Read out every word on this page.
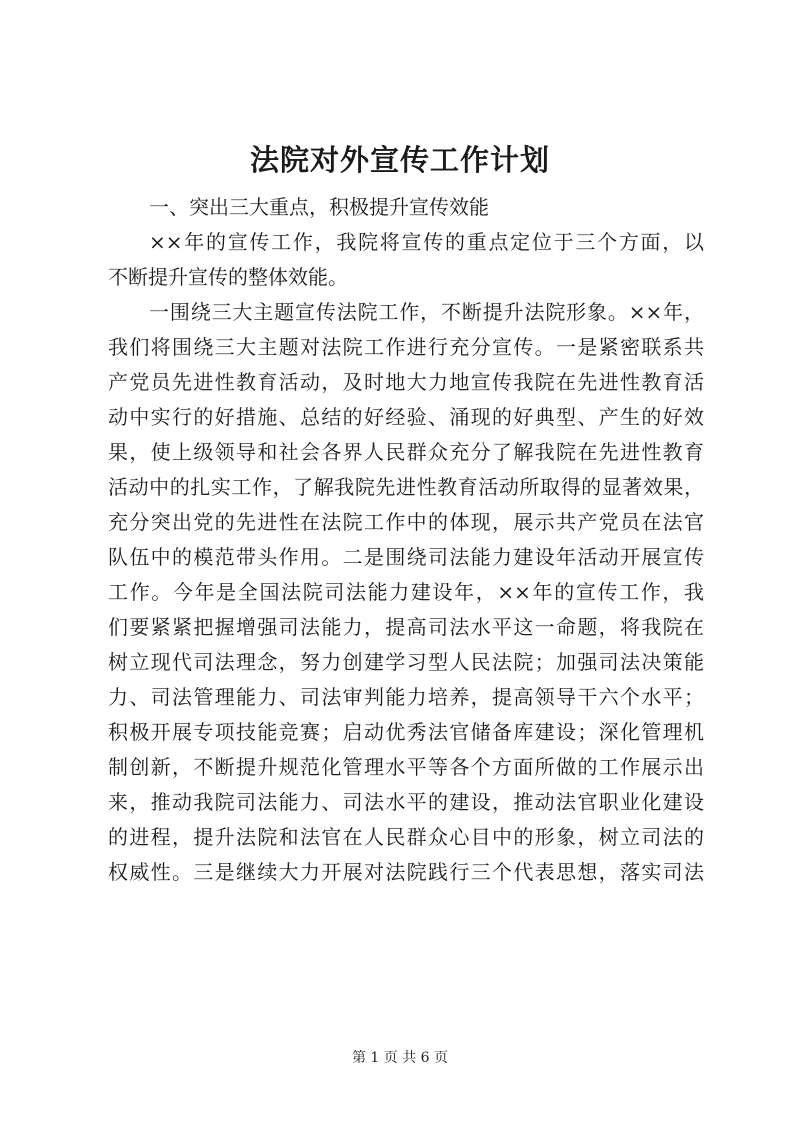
法院对外宣传工作计划
一、突出三大重点，积极提升宣传效能
××年的宣传工作，我院将宣传的重点定位于三个方面，以
不断提升宣传的整体效能。
一围绕三大主题宣传法院工作，不断提升法院形象。××年，
我们将围绕三大主题对法院工作进行充分宣传。一是紧密联系共
产党员先进性教育活动，及时地大力地宣传我院在先进性教育活
动中实行的好措施、总结的好经验、涌现的好典型、产生的好效
果，使上级领导和社会各界人民群众充分了解我院在先进性教育
活动中的扎实工作，了解我院先进性教育活动所取得的显著效果，
充分突出党的先进性在法院工作中的体现，展示共产党员在法官
队伍中的模范带头作用。二是围绕司法能力建设年活动开展宣传
工作。今年是全国法院司法能力建设年，××年的宣传工作，我
们要紧紧把握增强司法能力，提高司法水平这一命题，将我院在
树立现代司法理念，努力创建学习型人民法院；加强司法决策能
力、司法管理能力、司法审判能力培养，提高领导干六个水平；
积极开展专项技能竞赛；启动优秀法官储备库建设；深化管理机
制创新，不断提升规范化管理水平等各个方面所做的工作展示出
来，推动我院司法能力、司法水平的建设，推动法官职业化建设
的进程，提升法院和法官在人民群众心目中的形象，树立司法的
权威性。三是继续大力开展对法院践行三个代表思想，落实司法
第 1 页 共 6 页
